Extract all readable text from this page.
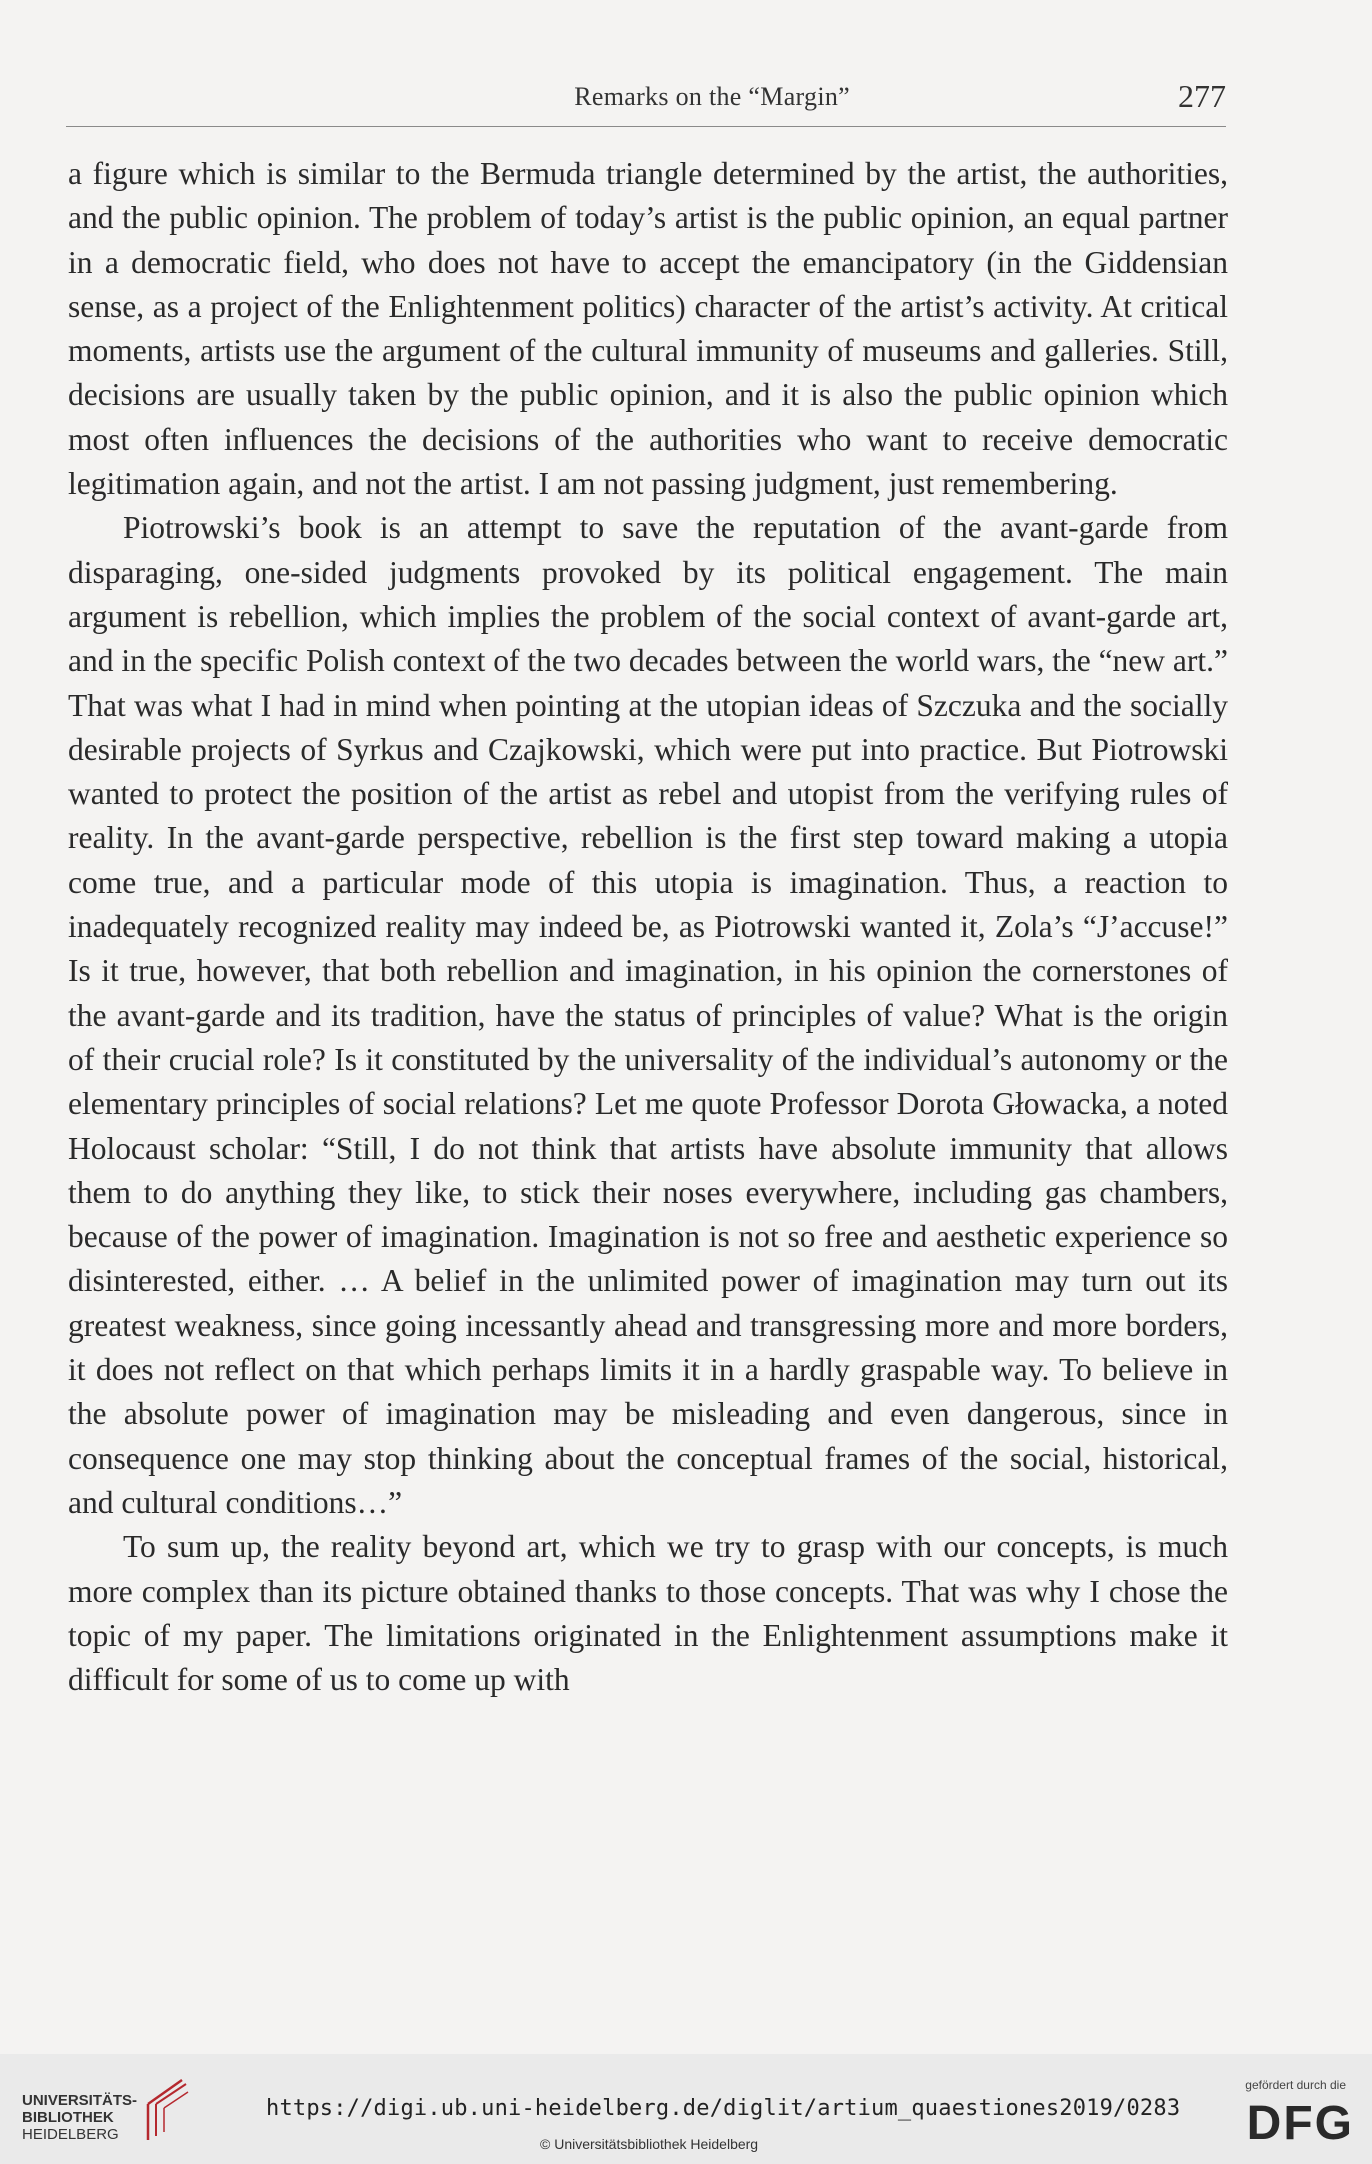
Remarks on the “Margin”	277

a figure which is similar to the Bermuda triangle determined by the artist, the authorities, and the public opinion. The problem of today’s artist is the public opinion, an equal partner in a democratic field, who does not have to accept the emancipatory (in the Giddensian sense, as a project of the Enlightenment politics) character of the artist’s activity. At critical moments, artists use the argument of the cultural immunity of museums and galleries. Still, decisions are usually taken by the public opinion, and it is also the public opinion which most often influences the decisions of the authorities who want to receive democratic legitimation again, and not the artist. I am not passing judgment, just remembering.

Piotrowski’s book is an attempt to save the reputation of the avant-garde from disparaging, one-sided judgments provoked by its political engagement. The main argument is rebellion, which implies the problem of the social context of avant-garde art, and in the specific Polish context of the two decades between the world wars, the “new art.” That was what I had in mind when pointing at the utopian ideas of Szczuka and the socially desirable projects of Syrkus and Czajkowski, which were put into practice. But Piotrowski wanted to protect the position of the artist as rebel and utopist from the verifying rules of reality. In the avant-garde perspective, rebellion is the first step toward making a utopia come true, and a particular mode of this utopia is imagination. Thus, a reaction to inadequately recognized reality may indeed be, as Piotrowski wanted it, Zola’s “J’accuse!” Is it true, however, that both rebellion and imagination, in his opinion the cornerstones of the avant-garde and its tradition, have the status of principles of value? What is the origin of their crucial role? Is it constituted by the universality of the individual’s autonomy or the elementary principles of social relations? Let me quote Professor Dorota Głowacka, a noted Holocaust scholar: “Still, I do not think that artists have absolute immunity that allows them to do anything they like, to stick their noses everywhere, including gas chambers, because of the power of imagination. Imagination is not so free and aesthetic experience so disinterested, either. … A belief in the unlimited power of imagination may turn out its greatest weakness, since going incessantly ahead and transgressing more and more borders, it does not reflect on that which perhaps limits it in a hardly graspable way. To believe in the absolute power of imagination may be misleading and even dangerous, since in consequence one may stop thinking about the conceptual frames of the social, historical, and cultural conditions…”

To sum up, the reality beyond art, which we try to grasp with our concepts, is much more complex than its picture obtained thanks to those concepts. That was why I chose the topic of my paper. The limitations originated in the Enlightenment assumptions make it difficult for some of us to come up with

UNIVERSITÄTS-
BIBLIOTHEK
HEIDELBERG
https://digi.ub.uni-heidelberg.de/diglit/artium_quaestiones2019/0283
© Universitätsbibliothek Heidelberg
gefördert durch die
DFG
